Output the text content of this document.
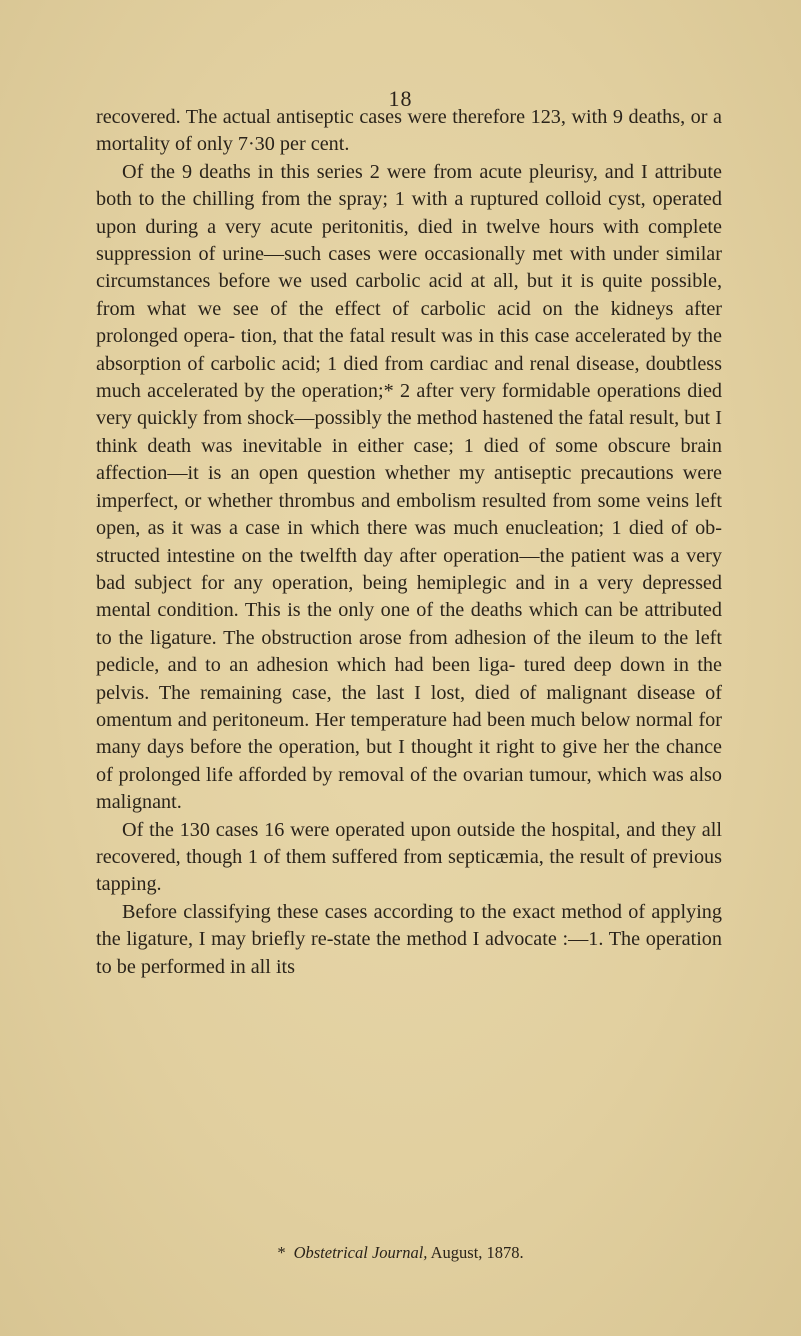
18

recovered. The actual antiseptic cases were therefore 123, with 9 deaths, or a mortality of only 7·30 per cent.

Of the 9 deaths in this series 2 were from acute pleurisy, and I attribute both to the chilling from the spray; 1 with a ruptured colloid cyst, operated upon during a very acute peritonitis, died in twelve hours with complete suppression of urine—such cases were occasionally met with under similar circumstances before we used carbolic acid at all, but it is quite possible, from what we see of the effect of carbolic acid on the kidneys after prolonged opera- tion, that the fatal result was in this case accelerated by the absorption of carbolic acid; 1 died from cardiac and renal disease, doubtless much accelerated by the operation;* 2 after very formidable operations died very quickly from shock—possibly the method hastened the fatal result, but I think death was inevitable in either case; 1 died of some obscure brain affection—it is an open question whether my antiseptic precautions were imperfect, or whether thrombus and embolism resulted from some veins left open, as it was a case in which there was much enucleation; 1 died of ob- structed intestine on the twelfth day after operation—the patient was a very bad subject for any operation, being hemiplegic and in a very depressed mental condition. This is the only one of the deaths which can be attributed to the ligature. The obstruction arose from adhesion of the ileum to the left pedicle, and to an adhesion which had been liga- tured deep down in the pelvis. The remaining case, the last I lost, died of malignant disease of omentum and peritoneum. Her temperature had been much below normal for many days before the operation, but I thought it right to give her the chance of prolonged life afforded by removal of the ovarian tumour, which was also malignant.

Of the 130 cases 16 were operated upon outside the hospital, and they all recovered, though 1 of them suffered from septicæmia, the result of previous tapping.

Before classifying these cases according to the exact method of applying the ligature, I may briefly re-state the method I advocate :—1. The operation to be performed in all its

* Obstetrical Journal, August, 1878.
